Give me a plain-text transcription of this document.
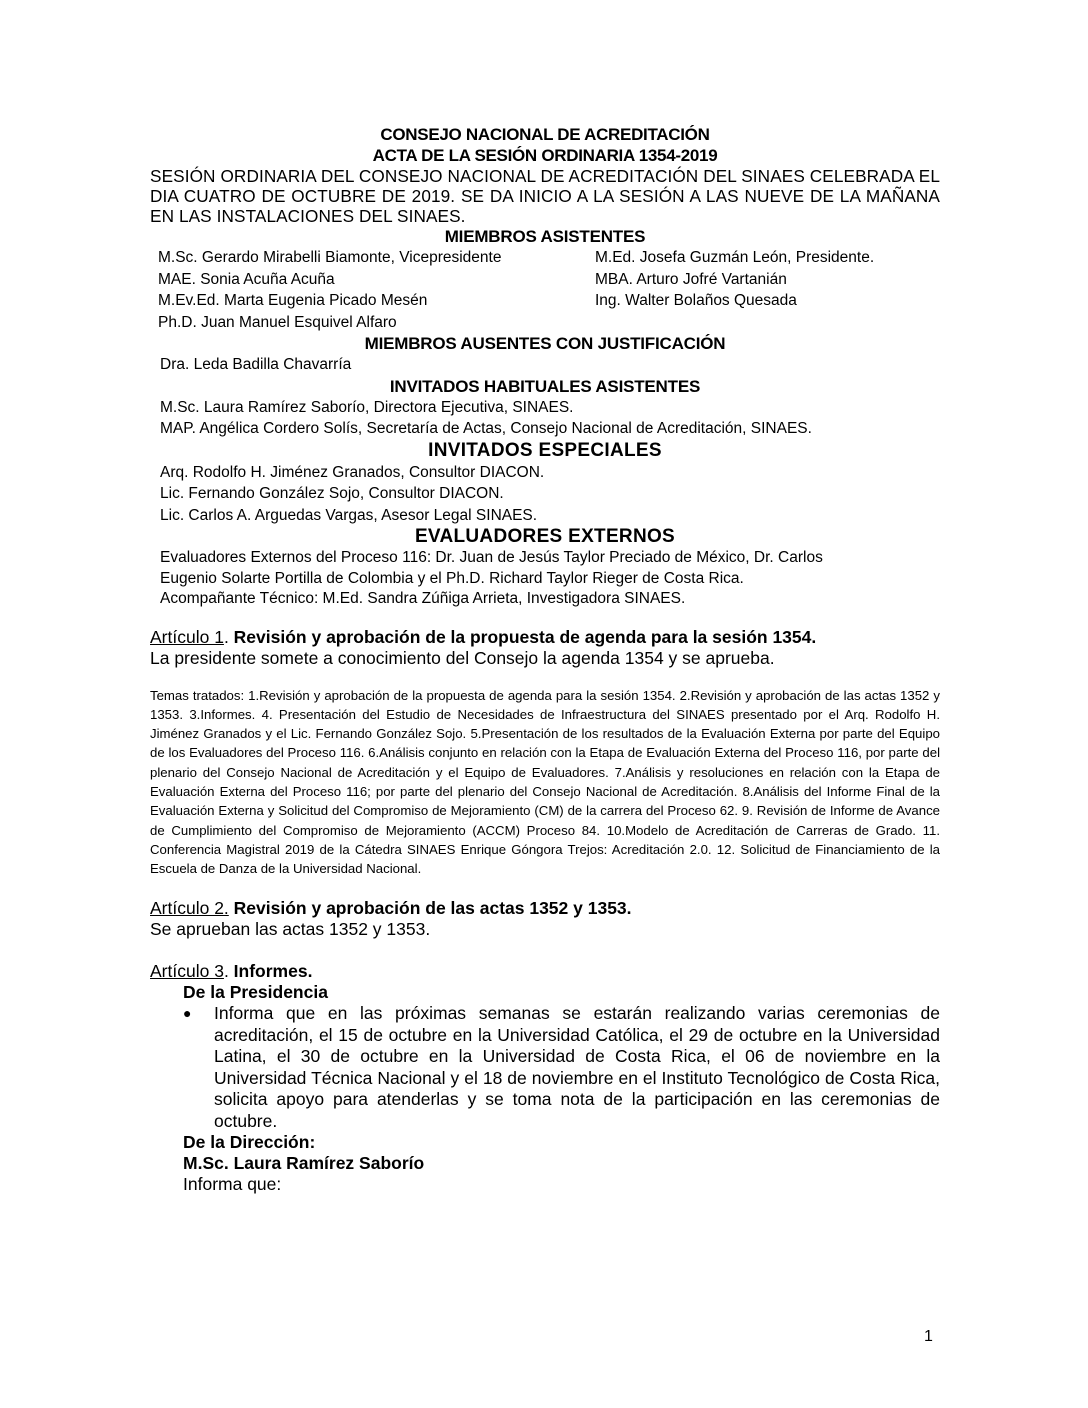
CONSEJO NACIONAL DE ACREDITACIÓN
ACTA DE LA SESIÓN ORDINARIA 1354-2019
SESIÓN ORDINARIA DEL CONSEJO NACIONAL DE ACREDITACIÓN DEL SINAES CELEBRADA EL DIA CUATRO DE OCTUBRE DE 2019. SE DA INICIO A LA SESIÓN A LAS NUEVE DE LA MAÑANA EN LAS INSTALACIONES DEL SINAES.
MIEMBROS ASISTENTES
M.Sc. Gerardo Mirabelli Biamonte, Vicepresidente	M.Ed. Josefa Guzmán León, Presidente.
MAE. Sonia Acuña Acuña	MBA. Arturo Jofré Vartanián
M.Ev.Ed. Marta Eugenia Picado Mesén	Ing. Walter Bolaños Quesada
Ph.D. Juan Manuel Esquivel Alfaro
MIEMBROS AUSENTES CON JUSTIFICACIÓN
Dra. Leda Badilla Chavarría
INVITADOS HABITUALES ASISTENTES
M.Sc. Laura Ramírez Saborío, Directora Ejecutiva, SINAES.
MAP. Angélica Cordero Solís, Secretaría de Actas, Consejo Nacional de Acreditación, SINAES.
INVITADOS ESPECIALES
Arq. Rodolfo H. Jiménez Granados, Consultor DIACON.
Lic. Fernando González Sojo, Consultor DIACON.
Lic. Carlos A. Arguedas Vargas, Asesor Legal SINAES.
EVALUADORES EXTERNOS
Evaluadores Externos del Proceso 116: Dr. Juan de Jesús Taylor Preciado de México, Dr. Carlos
Eugenio Solarte Portilla de Colombia y el Ph.D. Richard Taylor Rieger de Costa Rica.
Acompañante Técnico: M.Ed. Sandra Zúñiga Arrieta, Investigadora SINAES.
Artículo 1. Revisión y aprobación de la propuesta de agenda para la sesión 1354.
La presidente somete a conocimiento del Consejo la agenda 1354 y se aprueba.
Temas tratados: 1.Revisión y aprobación de la propuesta de agenda para la sesión 1354. 2.Revisión y aprobación de las actas 1352 y 1353. 3.Informes. 4. Presentación del Estudio de Necesidades de Infraestructura del SINAES presentado por el Arq. Rodolfo H. Jiménez Granados y el Lic. Fernando González Sojo. 5.Presentación de los resultados de la Evaluación Externa por parte del Equipo de los Evaluadores del Proceso 116. 6.Análisis conjunto en relación con la Etapa de Evaluación Externa del Proceso 116, por parte del plenario del Consejo Nacional de Acreditación y el Equipo de Evaluadores. 7.Análisis y resoluciones en relación con la Etapa de Evaluación Externa del Proceso 116; por parte del plenario del Consejo Nacional de Acreditación. 8.Análisis del Informe Final de la Evaluación Externa y Solicitud del Compromiso de Mejoramiento (CM) de la carrera del Proceso 62. 9. Revisión de Informe de Avance de Cumplimiento del Compromiso de Mejoramiento (ACCM) Proceso 84. 10.Modelo de Acreditación de Carreras de Grado. 11. Conferencia Magistral 2019 de la Cátedra SINAES Enrique Góngora Trejos: Acreditación 2.0. 12. Solicitud de Financiamiento de la Escuela de Danza de la Universidad Nacional.
Artículo 2. Revisión y aprobación de las actas 1352 y 1353.
Se aprueban las actas 1352 y 1353.
Artículo 3. Informes.
De la Presidencia
●	Informa que en las próximas semanas se estarán realizando varias ceremonias de acreditación, el 15 de octubre en la Universidad Católica, el 29 de octubre en la Universidad Latina, el 30 de octubre en la Universidad de Costa Rica, el 06 de noviembre en la Universidad Técnica Nacional y el 18 de noviembre en el Instituto Tecnológico de Costa Rica, solicita apoyo para atenderlas y se toma nota de la participación en las ceremonias de octubre.
De la Dirección:
M.Sc. Laura Ramírez Saborío
Informa que:
1
